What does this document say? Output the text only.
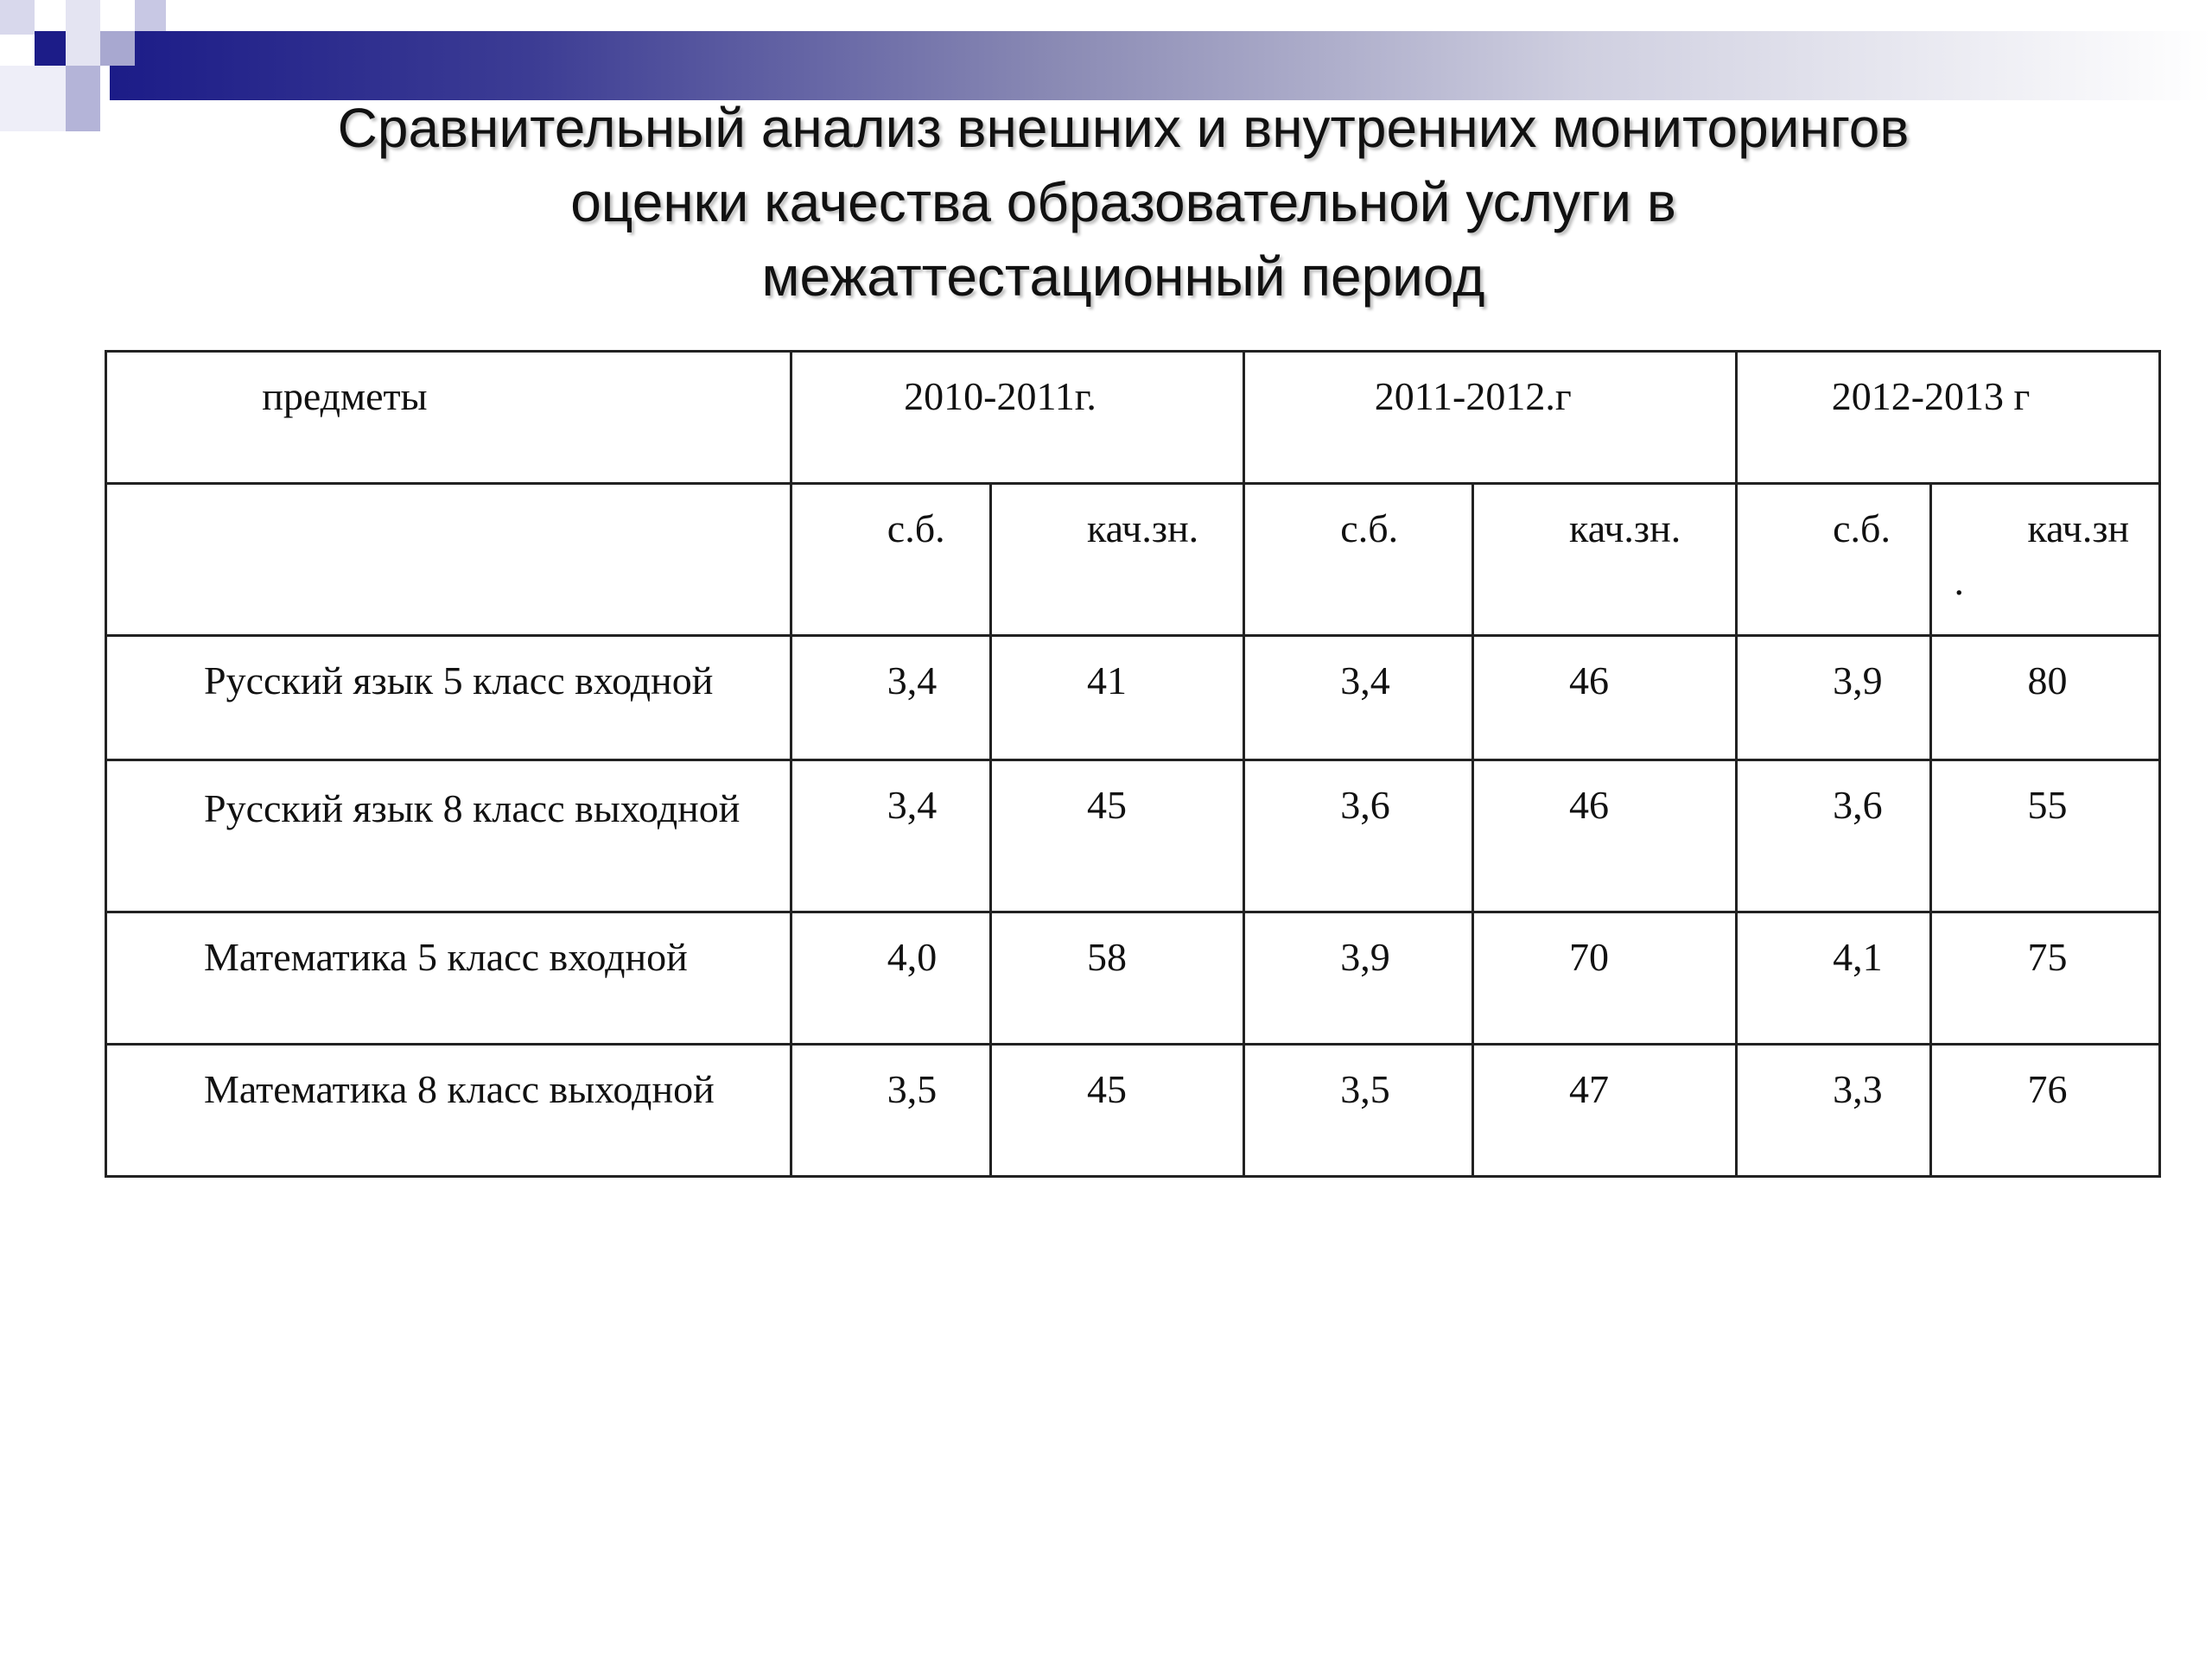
Сравнительный анализ внешних и внутренних мониторингов
оценки качества образовательной услуги в
межаттестационный период
предметы	2010-2011г.		2011-2012.г		2012-2013 г	

	с.б.	кач.зн.	с.б.	кач.зн.	с.б.	кач.зн
.

Русский язык 5 класс входной	3,4	41	3,4	46	3,9	80

Русский язык 8 класс выходной	3,4	45	3,6	46	3,6	55

Математика 5 класс входной	4,0	58	3,9	70	4,1	75

Математика 8 класс выходной	3,5	45	3,5	47	3,3	76
